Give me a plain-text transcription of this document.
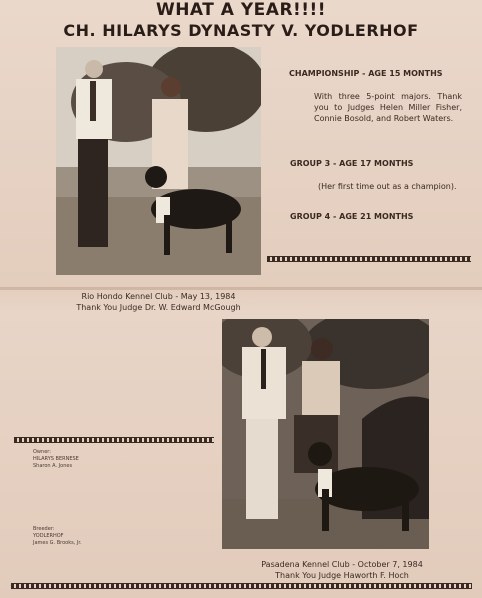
WHAT A YEAR!!!!
CH. HILARYS DYNASTY V. YODLERHOF
CHAMPIONSHIP - AGE 15 MONTHS
With three 5-point majors. Thank you to Judges Helen Miller Fisher, Connie Bosold, and Robert Waters.
GROUP 3 - AGE 17 MONTHS
(Her first time out as a champion).
GROUP 4 - AGE 21 MONTHS
Rio Hondo Kennel Club - May 13, 1984
Thank You Judge Dr. W. Edward McGough
Owner:
HILARYS BERNESE
Sharon A. Jones
Breeder:
YODLERHOF
James G. Brooks, Jr.
Pasadena Kennel Club - October 7, 1984
Thank You Judge Haworth F. Hoch
